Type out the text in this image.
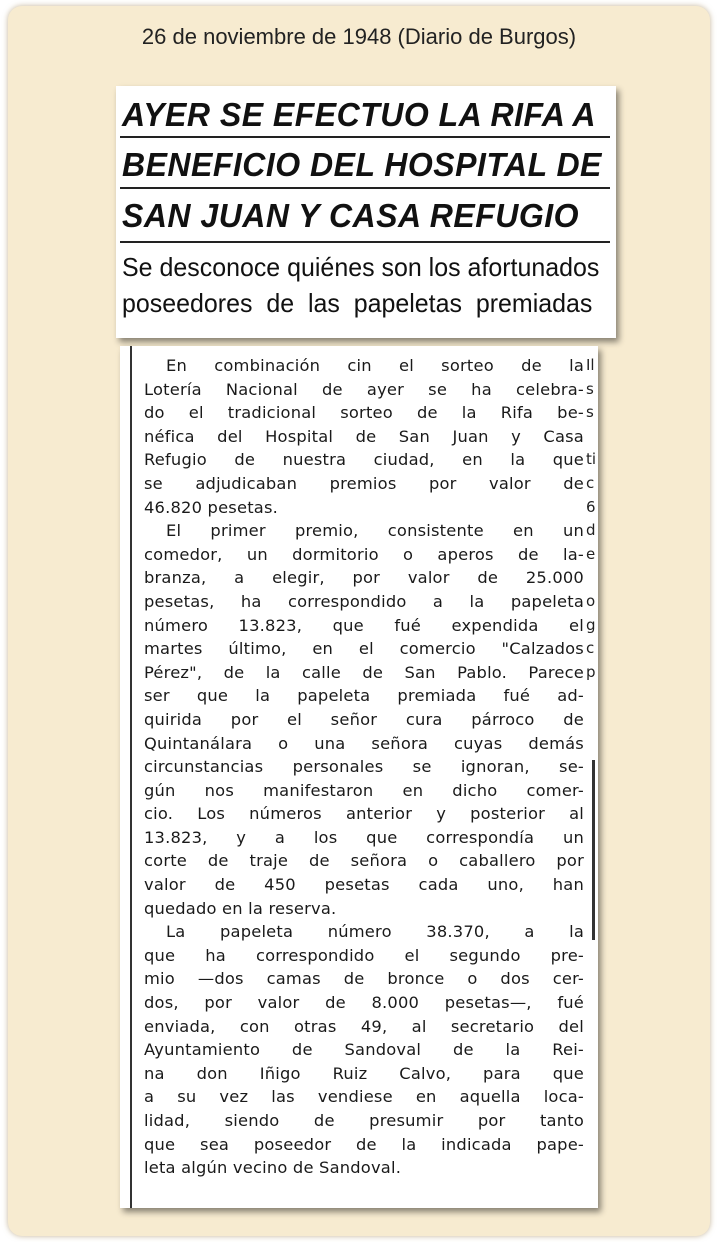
26 de noviembre de 1948 (Diario de Burgos)
AYER SE EFECTUO LA RIFA A
BENEFICIO DEL HOSPITAL DE
SAN JUAN Y CASA REFUGIO
Se desconoce quiénes son los afortunados
poseedores de las papeletas premiadas
En combinación cin el sorteo de la
Lotería Nacional de ayer se ha celebra-
do el tradicional sorteo de la Rifa be-
néfica del Hospital de San Juan y Casa
Refugio de nuestra ciudad, en la que
se adjudicaban premios por valor de
46.820 pesetas.
El primer premio, consistente en un
comedor, un dormitorio o aperos de la-
branza, a elegir, por valor de 25.000
pesetas, ha correspondido a la papeleta
número 13.823, que fué expendida el
martes último, en el comercio "Calzados
Pérez", de la calle de San Pablo. Parece
ser que la papeleta premiada fué ad-
quirida por el señor cura párroco de
Quintanálara o una señora cuyas demás
circunstancias personales se ignoran, se-
gún nos manifestaron en dicho comer-
cio. Los números anterior y posterior al
13.823, y a los que correspondía un
corte de traje de señora o caballero por
valor de 450 pesetas cada uno, han
quedado en la reserva.
La papeleta número 38.370, a la
que ha correspondido el segundo pre-
mio —dos camas de bronce o dos cer-
dos, por valor de 8.000 pesetas—, fué
enviada, con otras 49, al secretario del
Ayuntamiento de Sandoval de la Rei-
na don Iñigo Ruiz Calvo, para que
a su vez las vendiese en aquella loca-
lidad, siendo de presumir por tanto
que sea poseedor de la indicada pape-
leta algún vecino de Sandoval.
Il
s
s
ti
c
6
d
e
o
g
c
p
